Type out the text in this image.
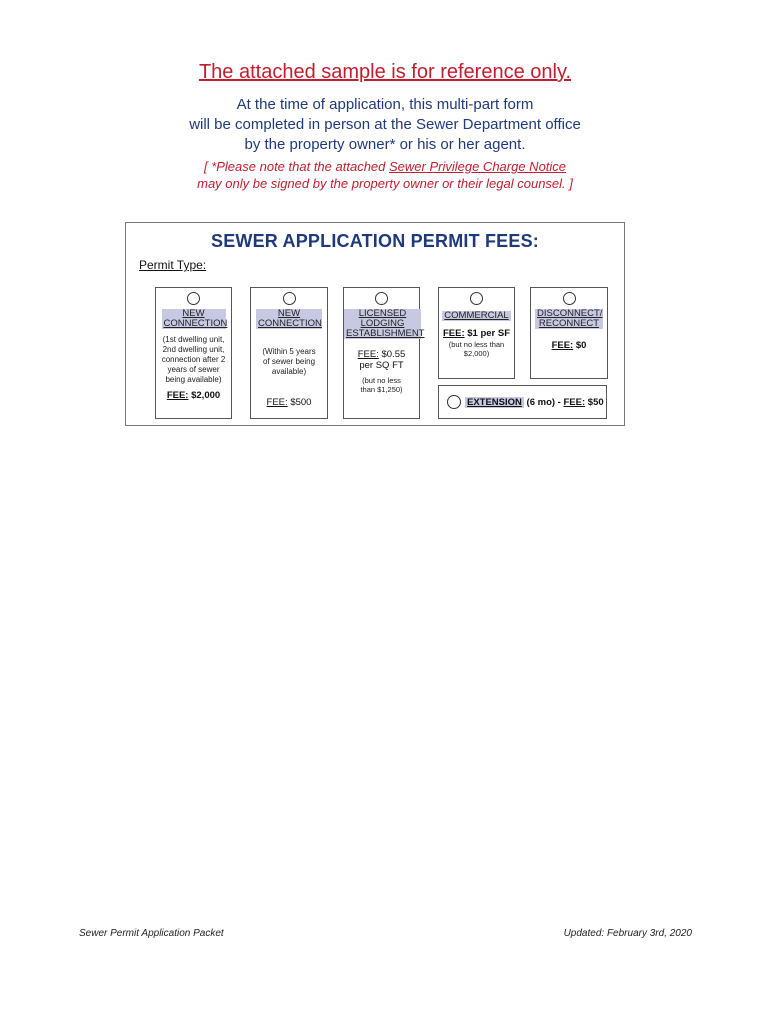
The attached sample is for reference only.
At the time of application, this multi-part form
will be completed in person at the Sewer Department office
by the property owner* or his or her agent.
[ *Please note that the attached Sewer Privilege Charge Notice
may only be signed by the property owner or their legal counsel. ]
SEWER APPLICATION PERMIT FEES:
Permit Type:
NEW CONNECTION
(1st dwelling unit, 2nd dwelling unit, connection after 2 years of sewer being available)
FEE: $2,000
NEW CONNECTION
(Within 5 years of sewer being available)
FEE: $500
LICENSED LODGING ESTABLISHMENT
FEE: $0.55 per SQ FT
(but no less than $1,250)
COMMERCIAL
FEE: $1 per SF
(but no less than $2,000)
DISCONNECT/ RECONNECT
FEE: $0
EXTENSION
(6 mo) -
FEE:
$50
Sewer Permit Application Packet	Updated: February 3rd, 2020
